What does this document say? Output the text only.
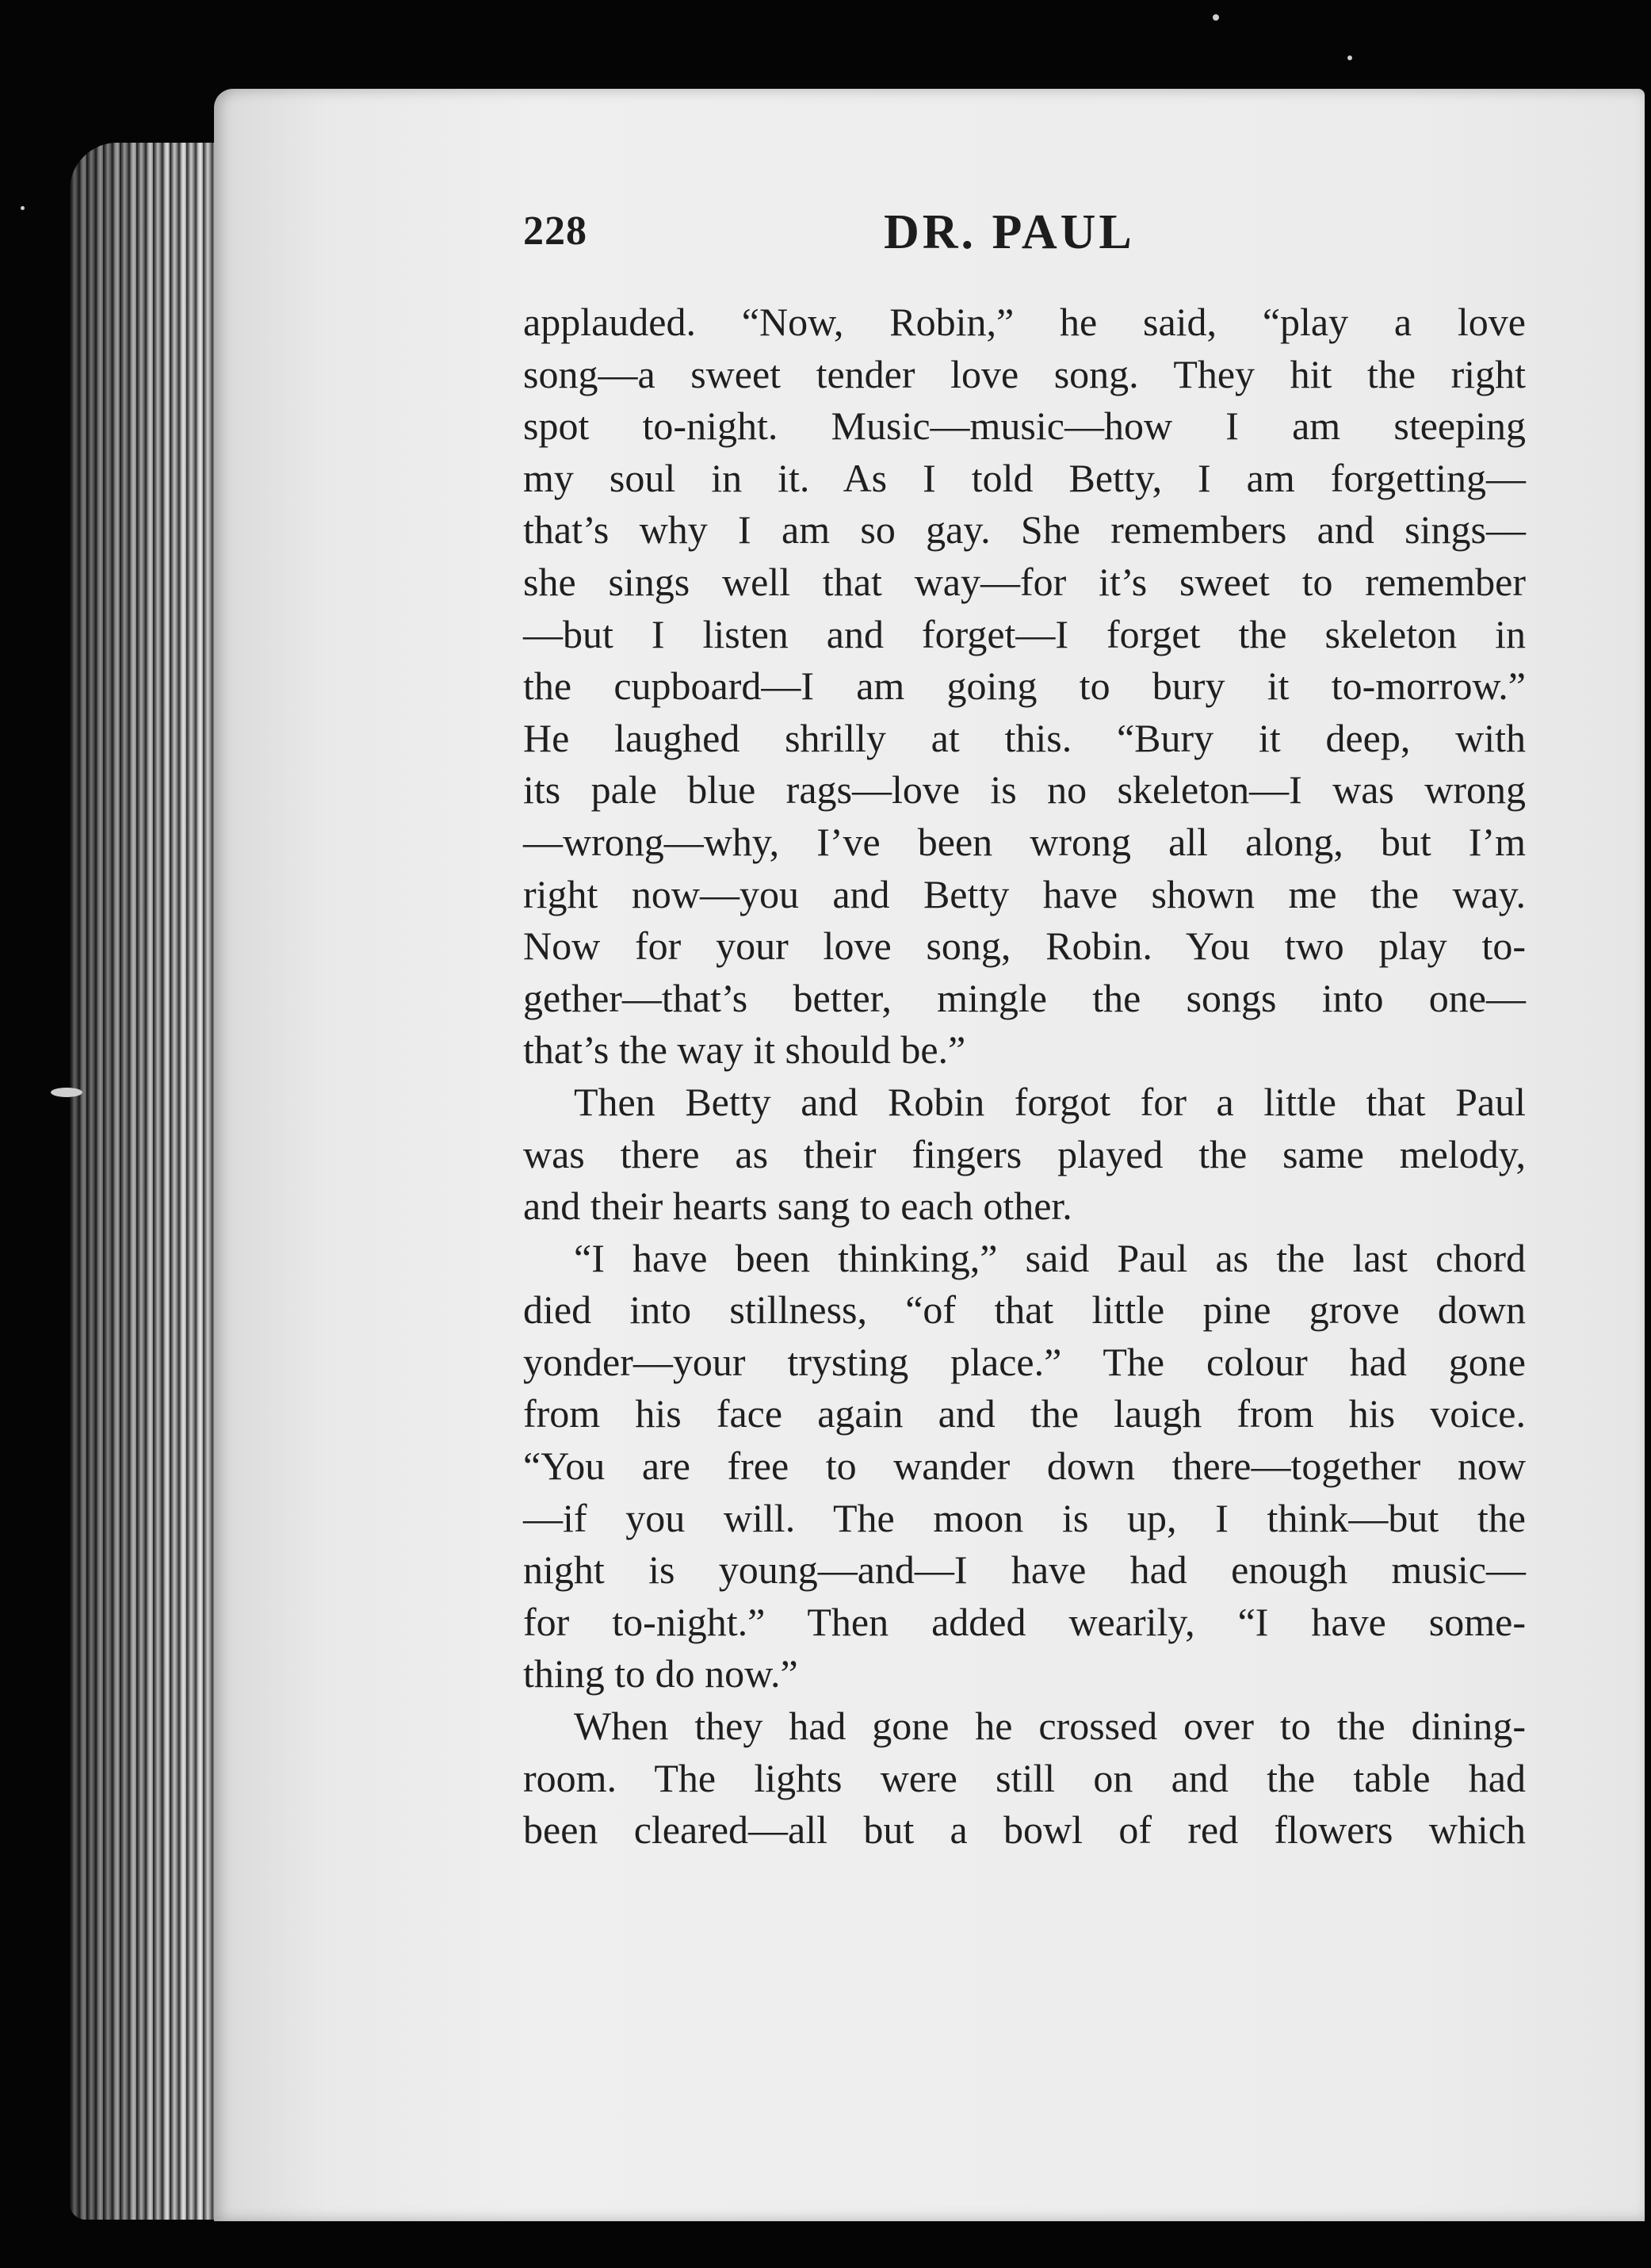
228	DR. PAUL
applauded. “Now, Robin,” he said, “play a love
song—a sweet tender love song. They hit the right
spot to-night. Music—music—how I am steeping
my soul in it. As I told Betty, I am forgetting—
that’s why I am so gay. She remembers and sings—
she sings well that way—for it’s sweet to remember
—but I listen and forget—I forget the skeleton in
the cupboard—I am going to bury it to-morrow.”
He laughed shrilly at this. “Bury it deep, with
its pale blue rags—love is no skeleton—I was wrong
—wrong—why, I’ve been wrong all along, but I’m
right now—you and Betty have shown me the way.
Now for your love song, Robin. You two play to-
gether—that’s better, mingle the songs into one—
that’s the way it should be.”
Then Betty and Robin forgot for a little that Paul
was there as their fingers played the same melody,
and their hearts sang to each other.
“I have been thinking,” said Paul as the last chord
died into stillness, “of that little pine grove down
yonder—your trysting place.” The colour had gone
from his face again and the laugh from his voice.
“You are free to wander down there—together now
—if you will. The moon is up, I think—but the
night is young—and—I have had enough music—
for to-night.” Then added wearily, “I have some-
thing to do now.”
When they had gone he crossed over to the dining-
room. The lights were still on and the table had
been cleared—all but a bowl of red flowers which
